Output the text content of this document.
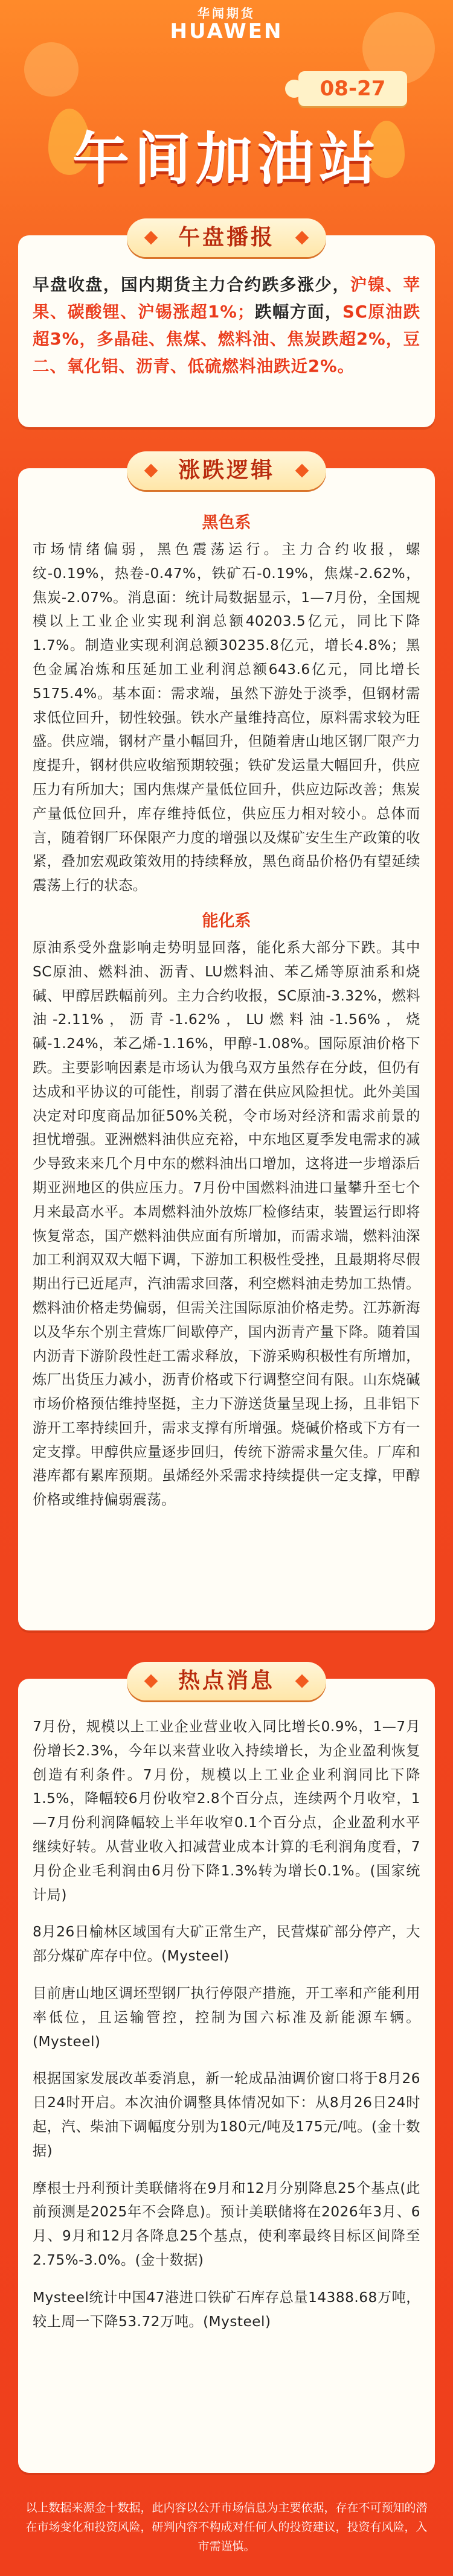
华闻期货
HUAWEN
08-27
午间加油站
午盘播报

早盘收盘，国内期货主力合约跌多涨少，沪镍、苹果、碳酸锂、沪锡涨超1%；跌幅方面，SC原油跌超3%，多晶硅、焦煤、燃料油、焦炭跌超2%，豆二、氧化铝、沥青、低硫燃料油跌近2%。

涨跌逻辑
黑色系

市场情绪偏弱，黑色震荡运行。主力合约收报，螺纹-0.19%，热卷-0.47%，铁矿石-0.19%，焦煤-2.62%，焦炭-2.07%。消息面：统计局数据显示，1—7月份，全国规模以上工业企业实现利润总额40203.5亿元，同比下降1.7%。制造业实现利润总额30235.8亿元，增长4.8%；黑色金属冶炼和压延加工业利润总额643.6亿元，同比增长5175.4%。基本面：需求端，虽然下游处于淡季，但钢材需求低位回升，韧性较强。铁水产量维持高位，原料需求较为旺盛。供应端，钢材产量小幅回升，但随着唐山地区钢厂限产力度提升，钢材供应收缩预期较强；铁矿发运量大幅回升，供应压力有所加大；国内焦煤产量低位回升，供应边际改善；焦炭产量低位回升，库存维持低位，供应压力相对较小。总体而言，随着钢厂环保限产力度的增强以及煤矿安生生产政策的收紧，叠加宏观政策效用的持续释放，黑色商品价格仍有望延续震荡上行的状态。

能化系

原油系受外盘影响走势明显回落，能化系大部分下跌。其中SC原油、燃料油、沥青、LU燃料油、苯乙烯等原油系和烧碱、甲醇居跌幅前列。主力合约收报，SC原油-3.32%，燃料油-2.11%，沥青-1.62%，LU燃料油-1.56%，烧碱-1.24%，苯乙烯-1.16%，甲醇-1.08%。国际原油价格下跌。主要影响因素是市场认为俄乌双方虽然存在分歧，但仍有达成和平协议的可能性，削弱了潜在供应风险担忧。此外美国决定对印度商品加征50%关税，令市场对经济和需求前景的担忧增强。亚洲燃料油供应充裕，中东地区夏季发电需求的减少导致来来几个月中东的燃料油出口增加，这将进一步增添后期亚洲地区的供应压力。7月份中国燃料油进口量攀升至七个月来最高水平。本周燃料油外放炼厂检修结束，装置运行即将恢复常态，国产燃料油供应面有所增加，而需求端，燃料油深加工利润双双大幅下调，下游加工积极性受挫，且最期将尽假期出行已近尾声，汽油需求回落，利空燃料油走势加工热情。燃料油价格走势偏弱，但需关注国际原油价格走势。江苏新海以及华东个别主营炼厂间歇停产，国内沥青产量下降。随着国内沥青下游阶段性赶工需求释放，下游采购积极性有所增加，炼厂出货压力减小，沥青价格或下行调整空间有限。山东烧碱市场价格预估维持坚挺，主力下游送货量呈现上扬，且非铝下游开工率持续回升，需求支撑有所增强。烧碱价格或下方有一定支撑。甲醇供应量逐步回归，传统下游需求量欠佳。厂库和港库都有累库预期。虽烯经外采需求持续提供一定支撑，甲醇价格或维持偏弱震荡。

热点消息

7月份，规模以上工业企业营业收入同比增长0.9%，1—7月份增长2.3%，今年以来营业收入持续增长，为企业盈利恢复创造有利条件。7月份，规模以上工业企业利润同比下降1.5%，降幅较6月份收窄2.8个百分点，连续两个月收窄，1—7月份利润降幅较上半年收窄0.1个百分点，企业盈利水平继续好转。从营业收入扣减营业成本计算的毛利润角度看，7月份企业毛利润由6月份下降1.3%转为增长0.1%。(国家统计局)

8月26日榆林区域国有大矿正常生产，民营煤矿部分停产，大部分煤矿库存中位。(Mysteel)

目前唐山地区调坯型钢厂执行停限产措施，开工率和产能利用率低位，且运输管控，控制为国六标准及新能源车辆。(Mysteel)

根据国家发展改革委消息，新一轮成品油调价窗口将于8月26日24时开启。本次油价调整具体情况如下：从8月26日24时起，汽、柴油下调幅度分别为180元/吨及175元/吨。(金十数据)

摩根士丹利预计美联储将在9月和12月分别降息25个基点(此前预测是2025年不会降息)。预计美联储将在2026年3月、6月、9月和12月各降息25个基点，使利率最终目标区间降至2.75%-3.0%。(金十数据)

Mysteel统计中国47港进口铁矿石库存总量14388.68万吨，较上周一下降53.72万吨。(Mysteel)

以上数据来源金十数据，此内容以公开市场信息为主要依据，存在不可预知的潜在市场变化和投资风险，研判内容不构成对任何人的投资建议，投资有风险，入市需谨慎。
